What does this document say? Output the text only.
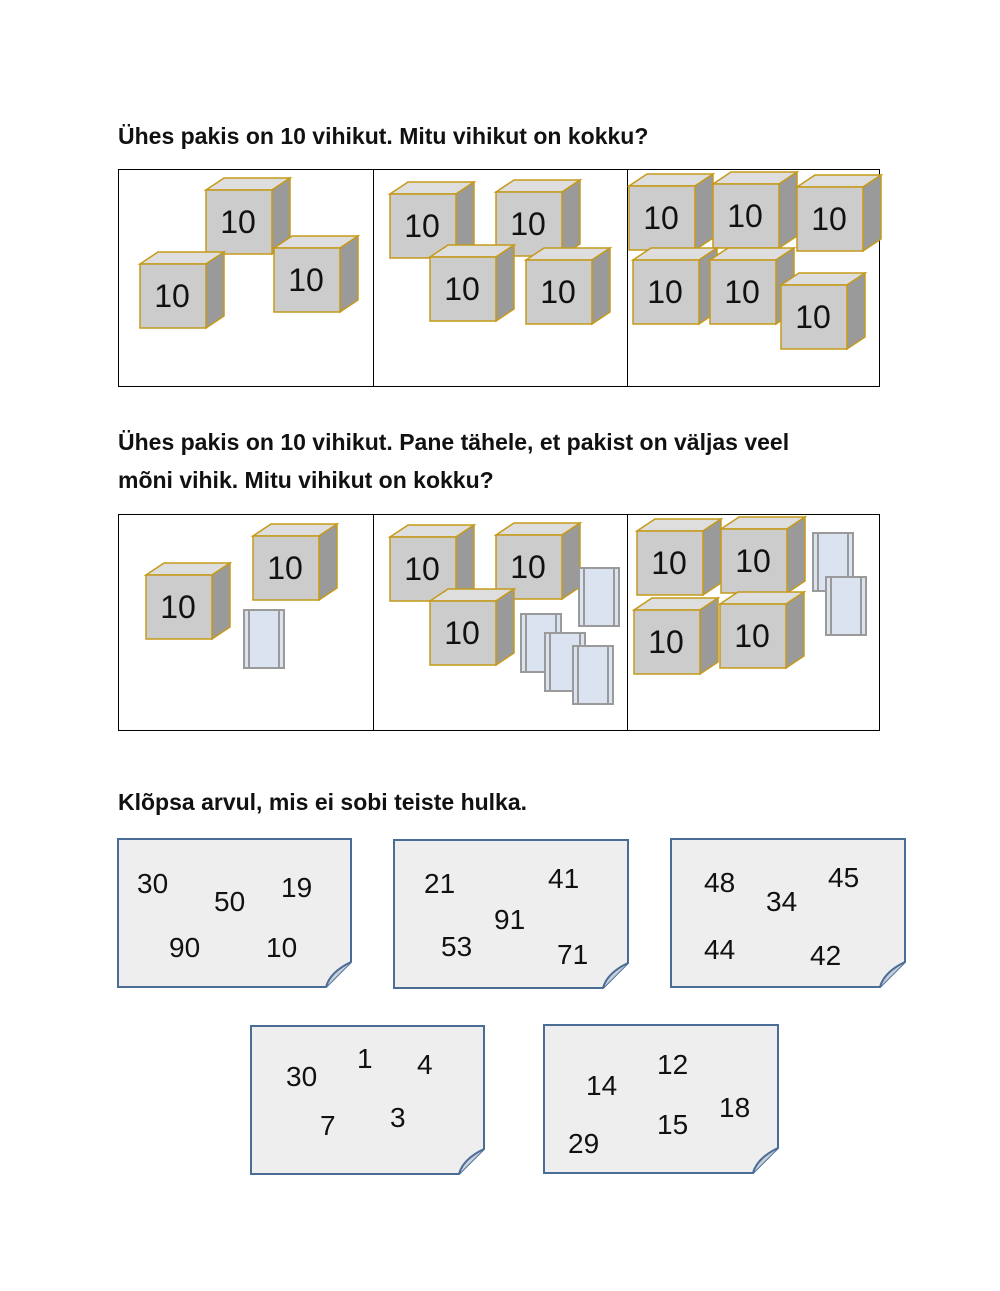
Ühes pakis on 10 vihikut. Mitu vihikut on kokku?

Ühes pakis on 10 vihikut. Pane tähele, et pakist on väljas veel
mõni vihik. Mitu vihikut on kokku?

Klõpsa arvul, mis ei sobi teiste hulka.

10
10	10
10	10
10	10
10	10	10
10	10
10
10
10	10	10
10
10	10
10	10
30
50 19
90 10
21	41
91
53	71
48	45
34
44	42
30
1 4
7 3
12
14
18
15
29
